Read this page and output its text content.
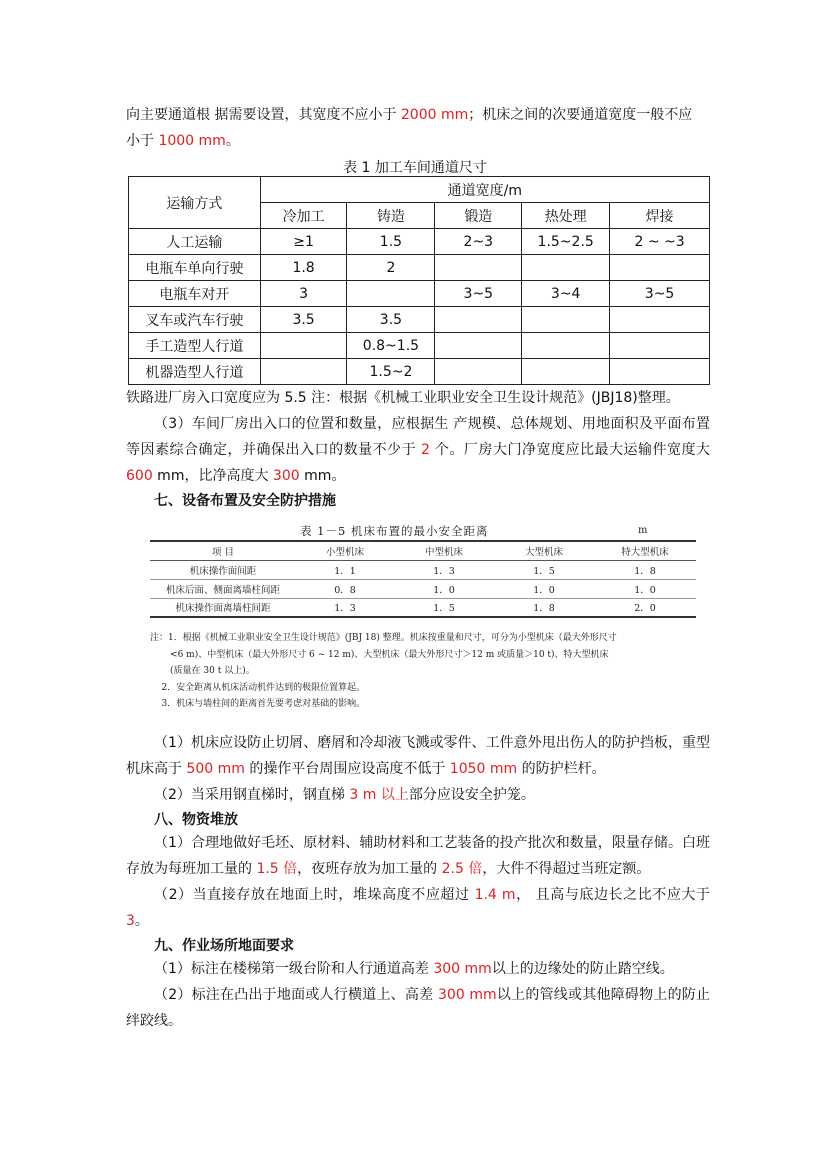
向主要通道根 据需要设置，其宽度不应小于 2000 mm；机床之间的次要通道宽度一般不应
小于 1000 mm。
表 1 加工车间通道尺寸
运输方式	通道宽度/m				
	冷加工	铸造	锻造	热处理	焊接
人工运输	≥1	1.5	2~3	1.5~2.5	2 ~ ~3
电瓶车单向行驶	1.8	2			
电瓶车对开	3		3~5	3~4	3~5
叉车或汽车行驶	3.5	3.5			
手工造型人行道		0.8~1.5			
机器造型人行道		1.5~2			
铁路进厂房入口宽度应为 5.5 注：根据《机械工业职业安全卫生设计规范》(JBJ18)整理。
（3）车间厂房出入口的位置和数量，应根据生 产规模、总体规划、用地面积及平面布置等因素综合确定，并确保出入口的数量不少于 2 个。厂房大门净宽度应比最大运输件宽度大 600 mm，比净高度大 300 mm。
七、设备布置及安全防护措施
表 1－5 机床布置的最小安全距离	m
项 目	小型机床	中型机床	大型机床	特大型机床
机床操作面间距	1．1	1．3	1．5	1．8
机床后面、侧面离墙柱间距	0．8	1．0	1．0	1．0
机床操作面离墙柱间距	1．3	1．5	1．8	2．0
注：1．根据《机械工业职业安全卫生设计规范》(JBJ 18) 整理。机床按重量和尺寸，可分为小型机床（最大外形尺寸
<6 m)、中型机床（最大外形尺寸 6 ~ 12 m)、大型机床（最大外形尺寸＞12 m 或质量＞10 t)、特大型机床
(质量在 30 t 以上)。
2．安全距离从机床活动机件达到的极限位置算起。
3．机床与墙柱间的距离首先要考虑对基础的影响。
（1）机床应设防止切屑、磨屑和冷却液飞溅或零件、工件意外甩出伤人的防护挡板，重型机床高于 500 mm 的操作平台周围应设高度不低于 1050 mm 的防护栏杆。
（2）当采用钢直梯时，钢直梯 3 m 以上部分应设安全护笼。
八、物资堆放
（1）合理地做好毛坯、原材料、辅助材料和工艺装备的投产批次和数量，限量存储。白班存放为每班加工量的 1.5 倍，夜班存放为加工量的 2.5 倍，大件不得超过当班定额。
（2）当直接存放在地面上时，堆垛高度不应超过 1.4 m， 且高与底边长之比不应大于3。
九、作业场所地面要求
（1）标注在楼梯第一级台阶和人行通道高差 300 mm以上的边缘处的防止踏空线。
（2）标注在凸出于地面或人行横道上、高差 300 mm以上的管线或其他障碍物上的防止 绊跤线。
